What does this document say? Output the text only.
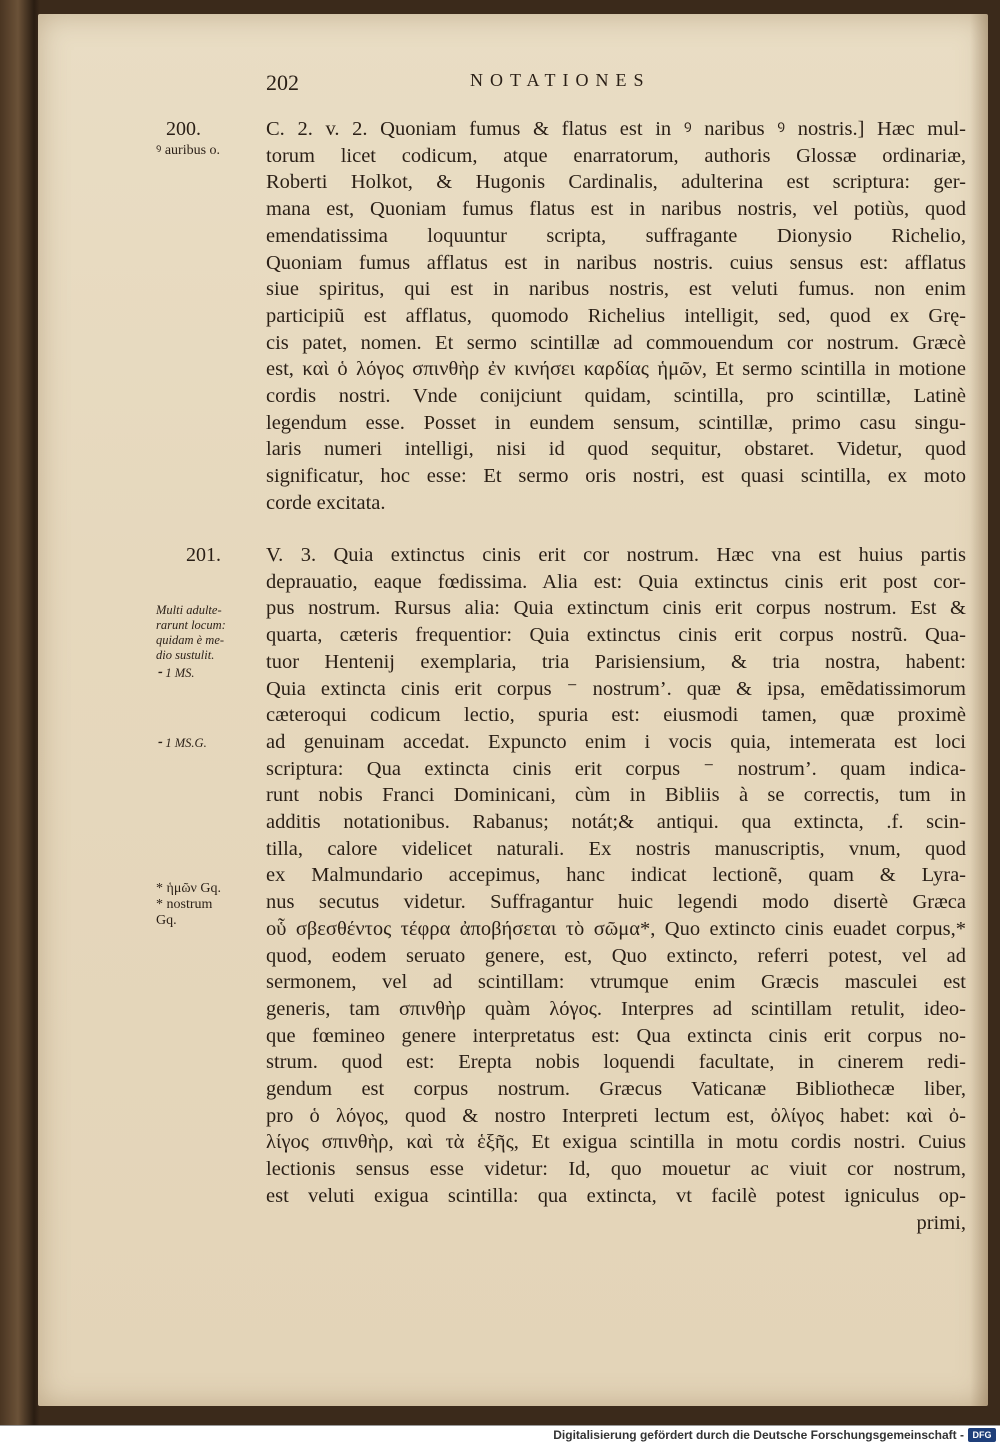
202	NOTATIONES
200.
ꝰ auribus o.
C. 2. v. 2. Quoniam fumus & flatus est in ꝰ naribus ꝰ nostris.] Hæc mul-
torum licet codicum, atque enarratorum, authoris Glossæ ordinariæ,
Roberti Holkot, & Hugonis Cardinalis, adulterina est scriptura: ger-
mana est, Quoniam fumus flatus est in naribus nostris, vel potiùs, quod
emendatissima loquuntur scripta, suffragante Dionysio Richelio,
Quoniam fumus afflatus est in naribus nostris. cuius sensus est: afflatus
siue spiritus, qui est in naribus nostris, est veluti fumus. non enim
participiũ est afflatus, quomodo Richelius intelligit, sed, quod ex Grę-
cis patet, nomen. Et sermo scintillæ ad commouendum cor nostrum. Græcè
est, καὶ ὁ λόγος σπινθὴρ ἐν κινήσει καρδίας ἡμῶν, Et sermo scintilla in motione
cordis nostri. Vnde conijciunt quidam, scintilla, pro scintillæ, Latinè
legendum esse. Posset in eundem sensum, scintillæ, primo casu singu-
laris numeri intelligi, nisi id quod sequitur, obstaret. Videtur, quod
significatur, hoc esse: Et sermo oris nostri, est quasi scintilla, ex moto
corde excitata.
201.
Multi adulte-
rarunt locum:
quidam è me-
dio sustulit.
⁃ 1 MS.
⁃ 1 MS.G.
* ἡμῶν Gq.
* nostrum
Gq.
V. 3. Quia extinctus cinis erit cor nostrum. Hæc vna est huius partis
deprauatio, eaque fœdissima. Alia est: Quia extinctus cinis erit post cor-
pus nostrum. Rursus alia: Quia extinctum cinis erit corpus nostrum. Est &
quarta, cæteris frequentior: Quia extinctus cinis erit corpus nostrũ. Qua-
tuor Hentenij exemplaria, tria Parisiensium, & tria nostra, habent:
Quia extincta cinis erit corpus ⁻ nostrum’. quæ & ipsa, emẽdatissimorum
cæteroqui codicum lectio, spuria est: eiusmodi tamen, quæ proximè
ad genuinam accedat. Expuncto enim i vocis quia, intemerata est loci
scriptura: Qua extincta cinis erit corpus ⁻ nostrum’. quam indica-
runt nobis Franci Dominicani, cùm in Bibliis à se correctis, tum in
additis notationibus. Rabanus; notát;& antiqui. qua extincta, .f. scin-
tilla, calore videlicet naturali. Ex nostris manuscriptis, vnum, quod
ex Malmundario accepimus, hanc indicat lectionẽ, quam & Lyra-
nus secutus videtur. Suffragantur huic legendi modo disertè Græca
οὗ σβεσθέντος τέφρα ἀποβήσεται τὸ σῶμα*, Quo extincto cinis euadet corpus,*
quod, eodem seruato genere, est, Quo extincto, referri potest, vel ad
sermonem, vel ad scintillam: vtrumque enim Græcis masculei est
generis, tam σπινθὴρ quàm λόγος. Interpres ad scintillam retulit, ideo-
que fœmineo genere interpretatus est: Qua extincta cinis erit corpus no-
strum. quod est: Erepta nobis loquendi facultate, in cinerem redi-
gendum est corpus nostrum. Græcus Vaticanæ Bibliothecæ liber,
pro ὁ λόγος, quod & nostro Interpreti lectum est, ὀλίγος habet: καὶ ὀ-
λίγος σπινθὴρ, καὶ τὰ ἑξῆς, Et exigua scintilla in motu cordis nostri. Cuius
lectionis sensus esse videtur: Id, quo mouetur ac viuit cor nostrum,
est veluti exigua scintilla: qua extincta, vt facilè potest igniculus op-
primi,
Digitalisierung gefördert durch die Deutsche Forschungsgemeinschaft - DFG
